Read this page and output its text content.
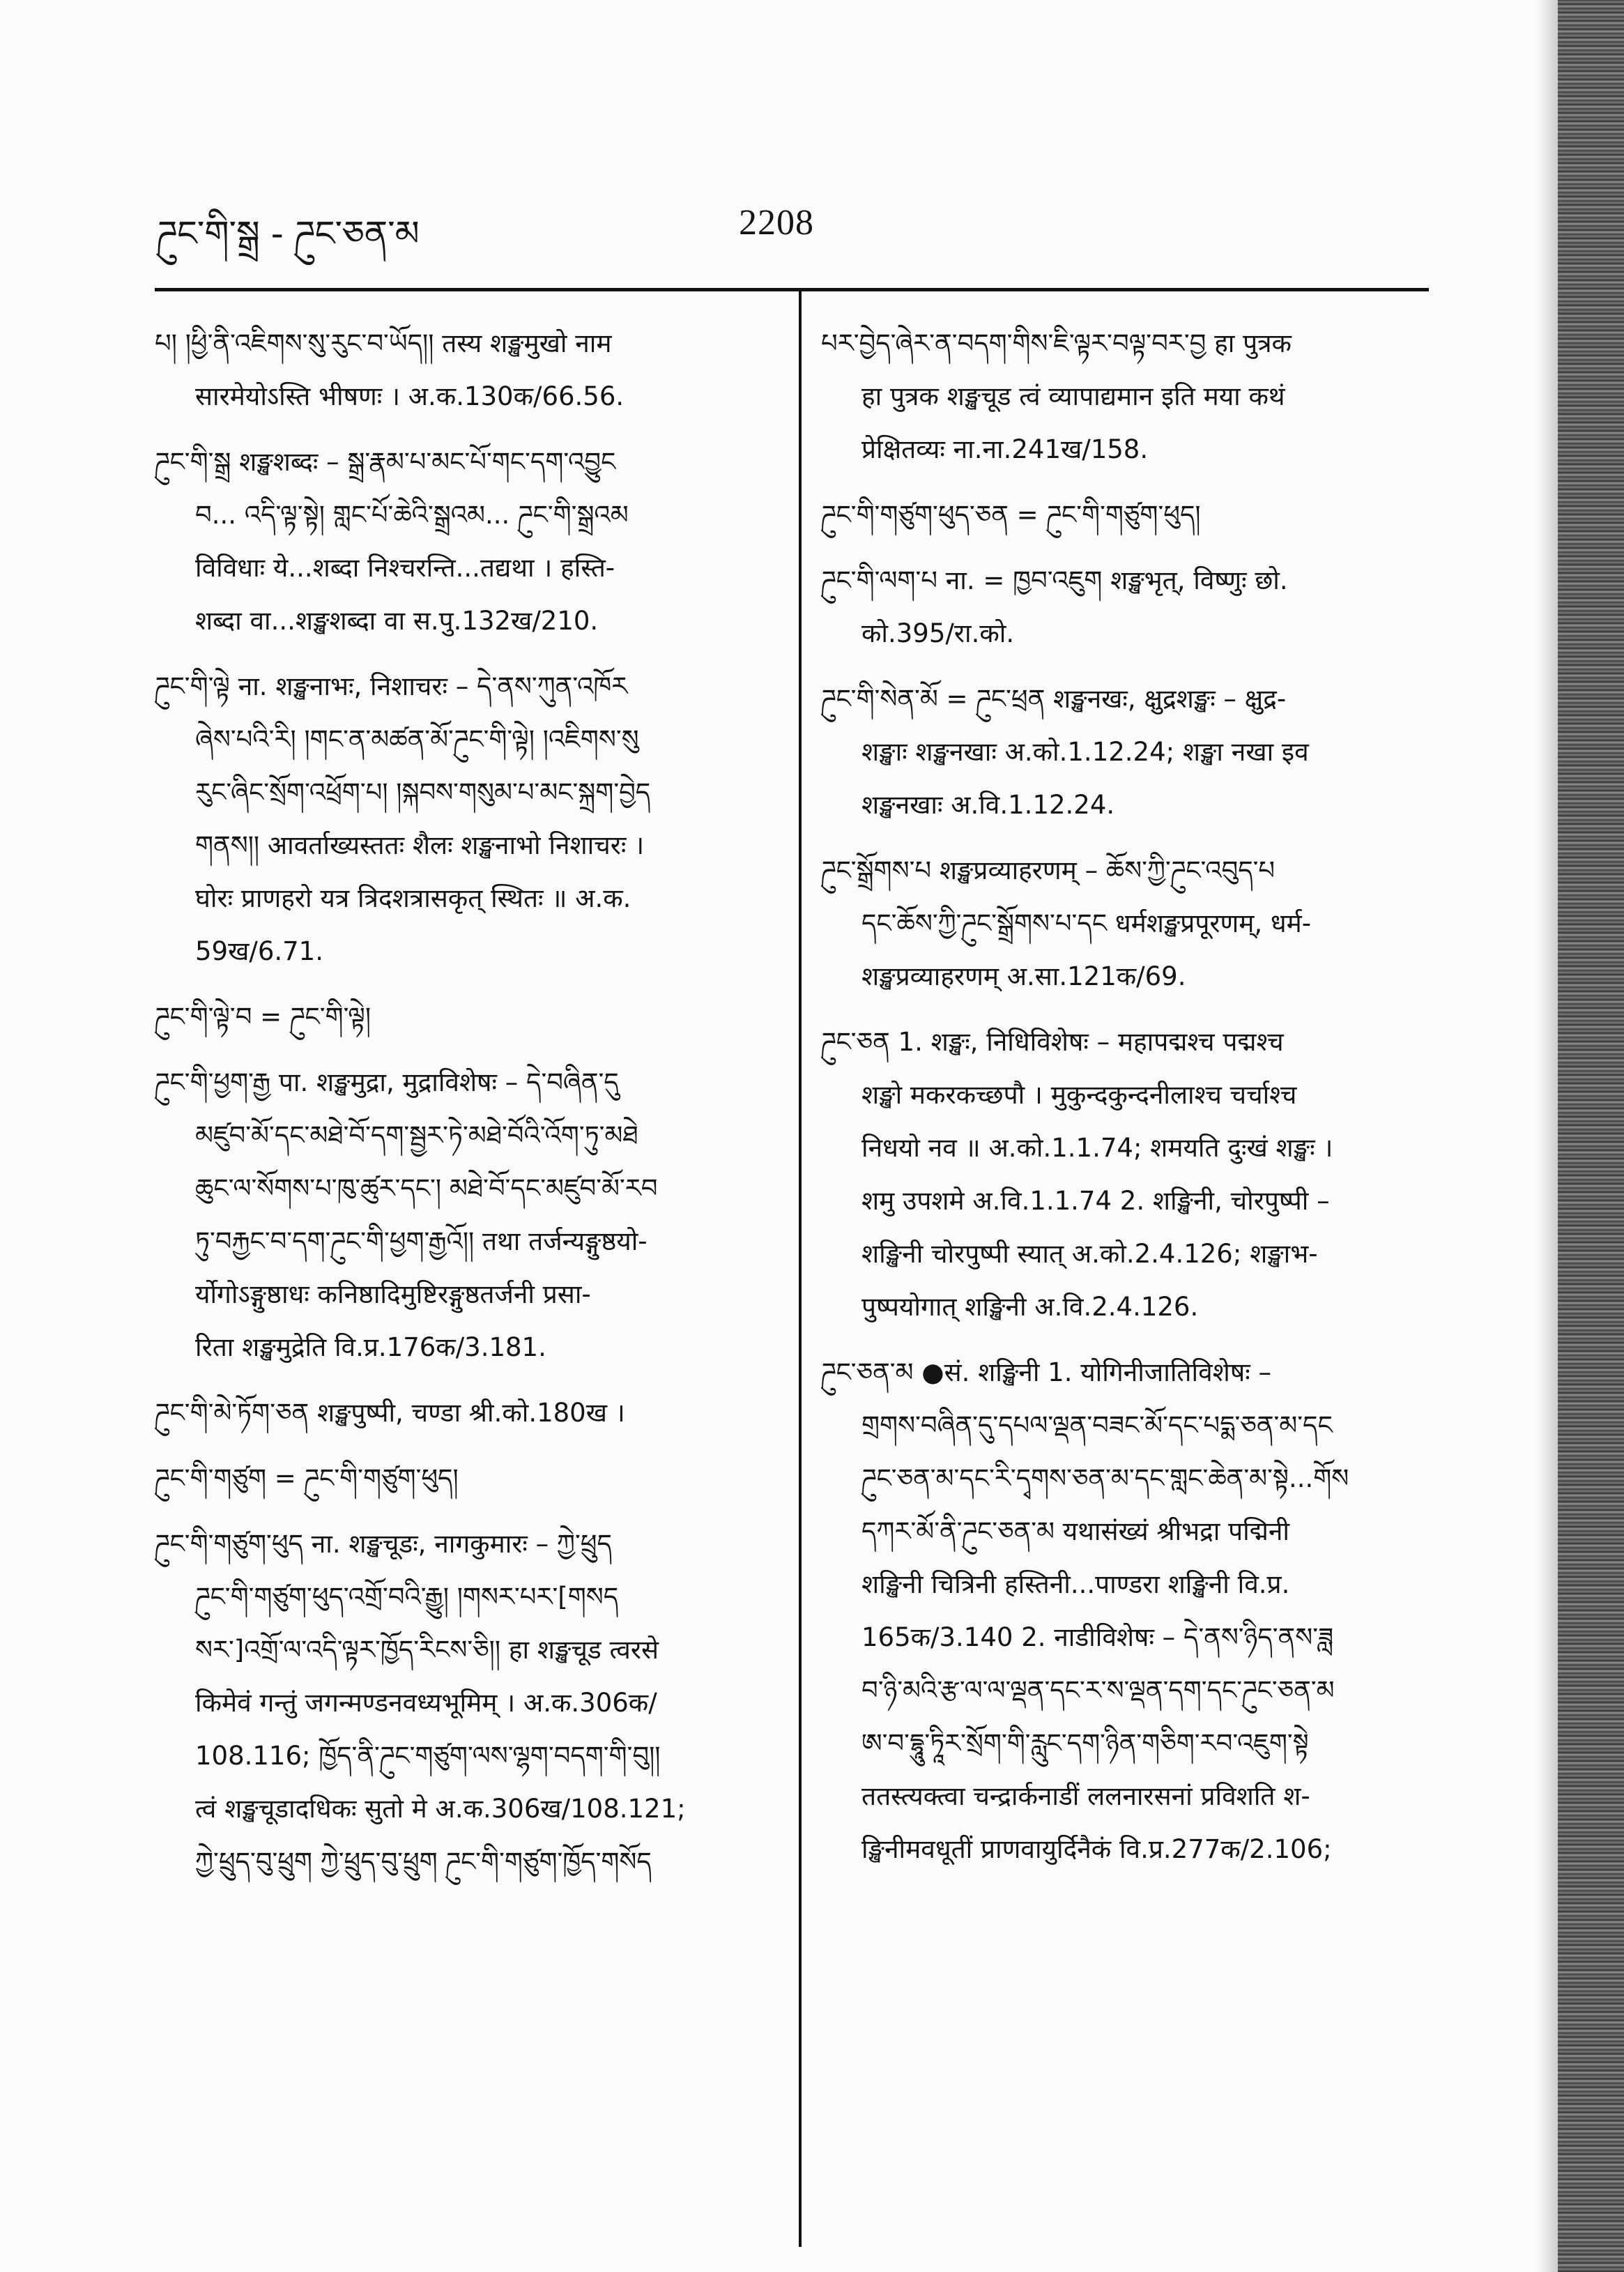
ཌུང་གི་སྒྲ - ཌུང་ཅན་མ	2208
པ། །ཕྱི་ནི་འཇིགས་སུ་རུང་བ་ཡོད།། तस्य शङ्खमुखो नाम
सारमेयोऽस्ति भीषणः । अ.क.130क/66.56.
ཌུང་གི་སྒྲ शङ्खशब्दः – སྒྲ་རྣམ་པ་མང་པོ་གང་དག་འབྱུང
བ... འདི་ལྟ་སྟེ། གླང་པོ་ཆེའི་སྒྲའམ... ཌུང་གི་སྒྲའམ
विविधाः ये...शब्दा निश्चरन्ति...तद्यथा । हस्ति-
शब्दा वा...शङ्खशब्दा वा स.पु.132ख/210.
ཌུང་གི་ལྟེ ना. शङ्खनाभः, निशाचरः – དེ་ནས་ཀུན་འཁོར
ཞེས་པའི་རི། །གང་ན་མཚན་མོ་ཌུང་གི་ལྟེ། །འཇིགས་སུ
རུང་ཞིང་སྲོག་འཕྲོག་པ། །སྐབས་གསུམ་པ་མང་སྐྲག་བྱེད
གནས།། आवर्ताख्यस्ततः शैलः शङ्खनाभो निशाचरः ।
घोरः प्राणहरो यत्र त्रिदशत्रासकृत् स्थितः ॥ अ.क.
59ख/6.71.
ཌུང་གི་ལྟེ་བ = ཌུང་གི་ལྟེ།
ཌུང་གི་ཕྱག་རྒྱ पा. शङ्खमुद्रा, मुद्राविशेषः – དེ་བཞིན་དུ
མཛུབ་མོ་དང་མཐེ་བོ་དག་སྦྱར་ཏེ་མཐེ་བོའི་འོག་ཏུ་མཐེ
ཆུང་ལ་སོགས་པ་ཁུ་ཚུར་དང་། མཐེ་བོ་དང་མཛུབ་མོ་རབ
ཏུ་བརྐྱང་བ་དག་ཌུང་གི་ཕྱག་རྒྱའོ།། तथा तर्जन्यङ्गुष्ठयो-
र्योगोऽङ्गुष्ठाधः कनिष्ठादिमुष्टिरङ्गुष्ठतर्जनी प्रसा-
रिता शङ्खमुद्रेति वि.प्र.176क/3.181.
ཌུང་གི་མེ་ཏོག་ཅན शङ्खपुष्पी, चण्डा श्री.को.180ख ।
ཌུང་གི་གཙུག = ཌུང་གི་གཙུག་ཕུད།
ཌུང་གི་གཙུག་ཕུད ना. शङ्खचूडः, नागकुमारः – ཀྱེ་ཕྲུད
ཌུང་གི་གཙུག་ཕུད་འགྲོ་བའི་རྒྱུ། །གསར་པར་[གསད
སར་]འགྲོ་ལ་འདི་ལྟར་ཁྱོད་རིངས་ཅི།། हा शङ्खचूड त्वरसे
किमेवं गन्तुं जगन्मण्डनवध्यभूमिम् । अ.क.306क/
108.116; ཁྱོད་ནི་ཌུང་གཙུག་ལས་ལྷག་བདག་གི་བུ།།
त्वं शङ्खचूडादधिकः सुतो मे अ.क.306ख/108.121;
ཀྱེ་ཕྲུད་བུ་ཕྲུག ཀྱེ་ཕྲུད་བུ་ཕྲུག ཌུང་གི་གཙུག་ཁྱོད་གསོད
པར་བྱེད་ཞེར་ན་བདག་གིས་ཇི་ལྟར་བལྟ་བར་བྱ हा पुत्रक
हा पुत्रक शङ्खचूड त्वं व्यापाद्यमान इति मया कथं
प्रेक्षितव्यः ना.ना.241ख/158.
ཌུང་གི་གཙུག་ཕུད་ཅན = ཌུང་གི་གཙུག་ཕུད།
ཌུང་གི་ལག་པ ना. = ཁྱབ་འཇུག शङ्खभृत्, विष्णुः छो.
को.395/रा.को.
ཌུང་གི་སེན་མོ = ཌུང་ཕྲན शङ्खनखः, क्षुद्रशङ्खः – क्षुद्र-
शङ्खाः शङ्खनखाः अ.को.1.12.24; शङ्खा नखा इव
शङ्खनखाः अ.वि.1.12.24.
ཌུང་སྒྲོགས་པ शङ्खप्रव्याहरणम् – ཆོས་ཀྱི་ཌུང་འབུད་པ
དང་ཆོས་ཀྱི་ཌུང་སྒྲོགས་པ་དང धर्मशङ्खप्रपूरणम्, धर्म-
शङ्खप्रव्याहरणम् अ.सा.121क/69.
ཌུང་ཅན 1. शङ्खः, निधिविशेषः – महापद्मश्च पद्मश्च
शङ्खो मकरकच्छपौ । मुकुन्दकुन्दनीलाश्च चर्चाश्च
निधयो नव ॥ अ.को.1.1.74; शमयति दुःखं शङ्खः ।
शमु उपशमे अ.वि.1.1.74 2. शङ्खिनी, चोरपुष्पी –
शङ्खिनी चोरपुष्पी स्यात् अ.को.2.4.126; शङ्खाभ-
पुष्पयोगात् शङ्खिनी अ.वि.2.4.126.
ཌུང་ཅན་མ ●सं. शङ्खिनी 1. योगिनीजातिविशेषः –
གྲགས་བཞིན་དུ་དཔལ་ལྡན་བཟང་མོ་དང་པདྨ་ཅན་མ་དང
ཌུང་ཅན་མ་དང་རི་དྭགས་ཅན་མ་དང་གླང་ཆེན་མ་སྟེ...གོས
དཀར་མོ་ནི་ཌུང་ཅན་མ यथासंख्यं श्रीभद्रा पद्मिनी
शङ्खिनी चित्रिनी हस्तिनी...पाण्डरा शङ्खिनी वि.प्र.
165क/3.140 2. नाडीविशेषः – དེ་ནས་ཉིད་ནས་ཟླ
བ་ཉི་མའི་རྩ་ལ་ལ་ལྡན་དང་ར་ས་ལྡན་དག་དང་ཌུང་ཅན་མ
ཨ་བ་དྷཱུ་ཏཱིར་སྲོག་གི་རླུང་དག་ཉིན་གཅིག་རབ་འཇུག་སྟེ
ततस्त्यक्त्वा चन्द्रार्कनाडीं ललनारसनां प्रविशति श-
ङ्खिनीमवधूतीं प्राणवायुर्दिनैकं वि.प्र.277क/2.106;
